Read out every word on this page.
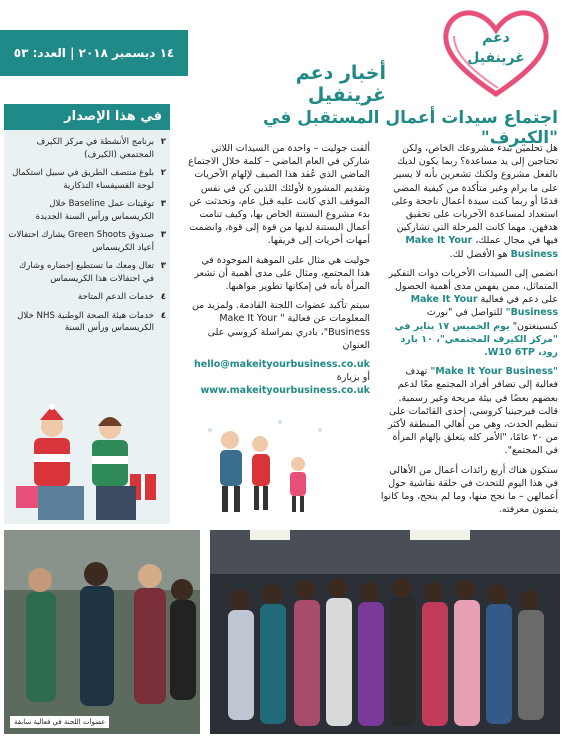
١٤ ديسمبر ٢٠١٨ | العدد: ٥٣
أخبار دعم غرينفيل
دعم
غرينفيل
في هذا الإصدار
٢
برنامج الأنشطة في مركز الكيرف المجتمعي (الكيرف)
٢
بلوغ منتصف الطريق في سبيل استكمال لوحة الفسيفساء التذكارية
٣
توقيتات عمل Baseline خلال الكريسماس ورأس السنة الجديدة
٣
صندوق Green Shoots يشارك احتفالات أعياد الكريسماس
٣
تعال ومعك ما تستطيع إحضاره وشارك في احتفالات هذا الكريسماس
٤
خدمات الدعم المتاحة
٤
خدمات هيئة الصحة الوطنية NHS خلال الكريسماس ورأس السنة
اجتماع سيدات أعمال المستقبل في "الكيرف"

هل تحلمين ببدء مشروعك الخاص، ولكن تحتاجين إلى يد مساعدة؟ ربما يكون لديك بالفعل مشروع ولكنك تشعرين بأنه لا يسير على ما يرام وغير متأكدة من كيفية المضي قدمًا أو ربما كنت سيدة أعمال ناجحة وعلى استعداد لمساعدة الآخريات على تحقيق هدفهن. مهما كانت المرحلة التي تشاركين فيها في مجال عملك، Make It Your Business هو الأفضل لك.

انضمي إلى السيدات الأخريات ذوات التفكير المتماثل، ممن يفهمن مدى أهمية الحصول على دعم في فعالية Make It Your Business" للتواصل في "نورث كنسينغتون" يوم الخميس ١٧ يناير في "مركز الكيرف المجتمعي"، ١٠ بارد رود، W10 6TP.

"Make It Your Business" تهدف فعالية إلى تضافر أفراد المجتمع معًا لدعم بعضهم بعضًا في بيئة مريحة وغير رسمية. قالت فيرجينيا كروسي، إحدى القائمات على تنظيم الحدث، وهي من أهالي المنطقة لأكثر من ٢٠ عامًا، "الأمر كله يتعلق بإلهام المرأة في المجتمع".

ستكون هناك أربع رائدات أعمال من الأهالي في هذا اليوم للتحدث في حلقة نقاشية حول أعمالهن – ما نجح منها، وما لم ينجح، وما كانوا يتمنون معرفته.

ألقت جوليت – واحدة من السيدات اللاتي شاركن في العام الماضي – كلمة خلال الاجتماع الماضي الذي عُقد هذا الصيف لإلهام الأخريات وتقديم المشورة لأولئك اللذين كن في نفس الموقف الذي كانت عليه قبل عام، وتحدثت عن بدء مشروع البستنة الخاص بها، وكيف تنامت أعمال البستنة لديها من قوة إلى قوة، وانضمت أمهات أخريات إلى فريقها.

جوليت هي مثال على الموهبة الموجودة في هذا المجتمع، ومثال على مدى أهمية أن تشعر المرأة بأنه في إمكانها تطوير مواهبها.

سيتم تأكيد عضوات اللجنة القادمة. ولمزيد من المعلومات عن فعالية " Make It Your Business"، بادري بمراسلة كروسي على العنوان

hello@makeityourbusiness.co.uk
أو بزيارة
www.makeityourbusiness.co.uk
عضوات اللجنة في فعالية سابقة
